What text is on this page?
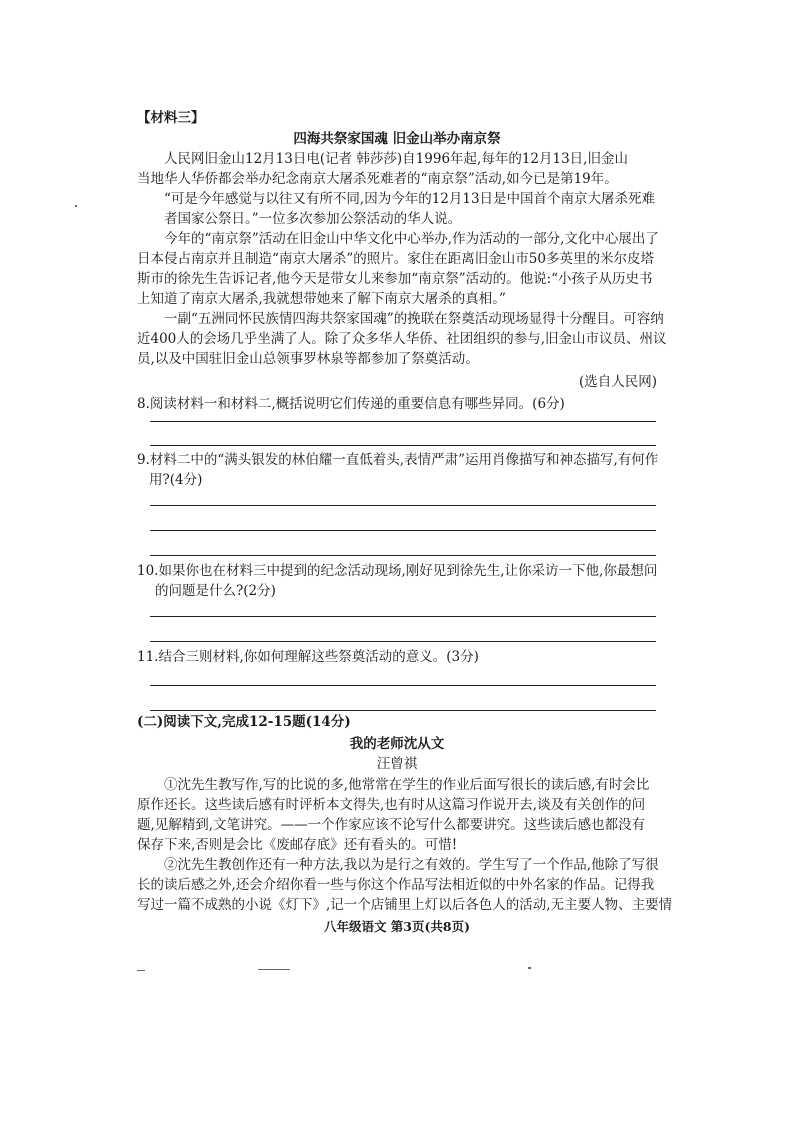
【材料三】
四海共祭家国魂 旧金山举办南京祭
人民网旧金山12月13日电(记者 韩莎莎)自1996年起,每年的12月13日,旧金山
当地华人华侨都会举办纪念南京大屠杀死难者的“南京祭”活动,如今已是第19年。
“可是今年感觉与以往又有所不同,因为今年的12月13日是中国首个南京大屠杀死难
者国家公祭日。”一位多次参加公祭活动的华人说。
今年的“南京祭”活动在旧金山中华文化中心举办,作为活动的一部分,文化中心展出了
日本侵占南京并且制造“南京大屠杀”的照片。家住在距离旧金山市50多英里的米尔皮塔
斯市的徐先生告诉记者,他今天是带女儿来参加“南京祭”活动的。他说:“小孩子从历史书
上知道了南京大屠杀,我就想带她来了解下南京大屠杀的真相。”
一副“五洲同怀民族情四海共祭家国魂”的挽联在祭奠活动现场显得十分醒目。可容纳
近400人的会场几乎坐满了人。除了众多华人华侨、社团组织的参与,旧金山市议员、州议
员,以及中国驻旧金山总领事罗林泉等都参加了祭奠活动。
(选自人民网)
8.阅读材料一和材料二,概括说明它们传递的重要信息有哪些异同。(6分)
9.材料二中的“满头银发的林伯耀一直低着头,表情严肃”运用肖像描写和神态描写,有何作
用?(4分)
10.如果你也在材料三中提到的纪念活动现场,刚好见到徐先生,让你采访一下他,你最想问
的问题是什么?(2分)
11.结合三则材料,你如何理解这些祭奠活动的意义。(3分)
(二)阅读下文,完成12-15题(14分)
我的老师沈从文
汪曾祺
①沈先生教写作,写的比说的多,他常常在学生的作业后面写很长的读后感,有时会比
原作还长。这些读后感有时评析本文得失,也有时从这篇习作说开去,谈及有关创作的问
题,见解精到,文笔讲究。——一个作家应该不论写什么都要讲究。这些读后感也都没有
保存下来,否则是会比《废邮存底》还有看头的。可惜!
②沈先生教创作还有一种方法,我以为是行之有效的。学生写了一个作品,他除了写很
长的读后感之外,还会介绍你看一些与你这个作品写法相近似的中外名家的作品。记得我
写过一篇不成熟的小说《灯下》,记一个店铺里上灯以后各色人的活动,无主要人物、主要情
八年级语文 第3页(共8页)
